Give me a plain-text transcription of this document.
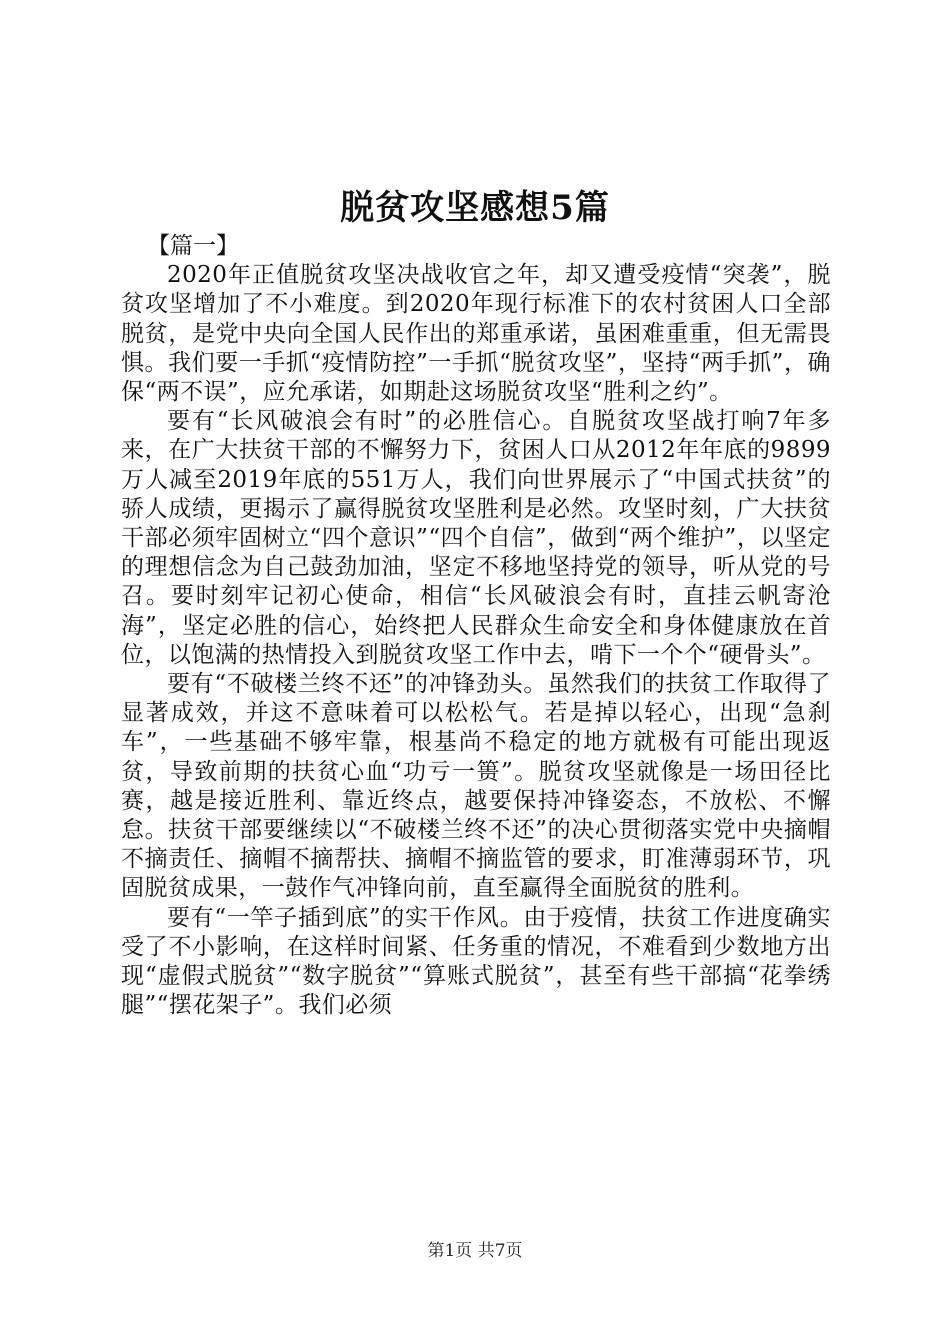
脱贫攻坚感想5篇

【篇一】

2020年正值脱贫攻坚决战收官之年，却又遭受疫情“突袭”，脱贫攻坚增加了不小难度。到2020年现行标准下的农村贫困人口全部脱贫，是党中央向全国人民作出的郑重承诺，虽困难重重，但无需畏惧。我们要一手抓“疫情防控”一手抓“脱贫攻坚”，坚持“两手抓”，确保“两不误”，应允承诺，如期赴这场脱贫攻坚“胜利之约”。

要有“长风破浪会有时”的必胜信心。自脱贫攻坚战打响7年多来，在广大扶贫干部的不懈努力下，贫困人口从2012年年底的9899万人减至2019年底的551万人，我们向世界展示了“中国式扶贫”的骄人成绩，更揭示了赢得脱贫攻坚胜利是必然。攻坚时刻，广大扶贫干部必须牢固树立“四个意识”“四个自信”，做到“两个维护”，以坚定的理想信念为自己鼓劲加油，坚定不移地坚持党的领导，听从党的号召。要时刻牢记初心使命，相信“长风破浪会有时，直挂云帆寄沧海”，坚定必胜的信心，始终把人民群众生命安全和身体健康放在首位，以饱满的热情投入到脱贫攻坚工作中去，啃下一个个“硬骨头”。

要有“不破楼兰终不还”的冲锋劲头。虽然我们的扶贫工作取得了显著成效，并这不意味着可以松松气。若是掉以轻心，出现“急刹车”，一些基础不够牢靠，根基尚不稳定的地方就极有可能出现返贫，导致前期的扶贫心血“功亏一篑”。脱贫攻坚就像是一场田径比赛，越是接近胜利、靠近终点，越要保持冲锋姿态，不放松、不懈怠。扶贫干部要继续以“不破楼兰终不还”的决心贯彻落实党中央摘帽不摘责任、摘帽不摘帮扶、摘帽不摘监管的要求，盯准薄弱环节，巩固脱贫成果，一鼓作气冲锋向前，直至赢得全面脱贫的胜利。

要有“一竿子插到底”的实干作风。由于疫情，扶贫工作进度确实受了不小影响，在这样时间紧、任务重的情况，不难看到少数地方出现“虚假式脱贫”“数字脱贫”“算账式脱贫”，甚至有些干部搞“花拳绣腿”“摆花架子”。我们必须

第1页 共7页
